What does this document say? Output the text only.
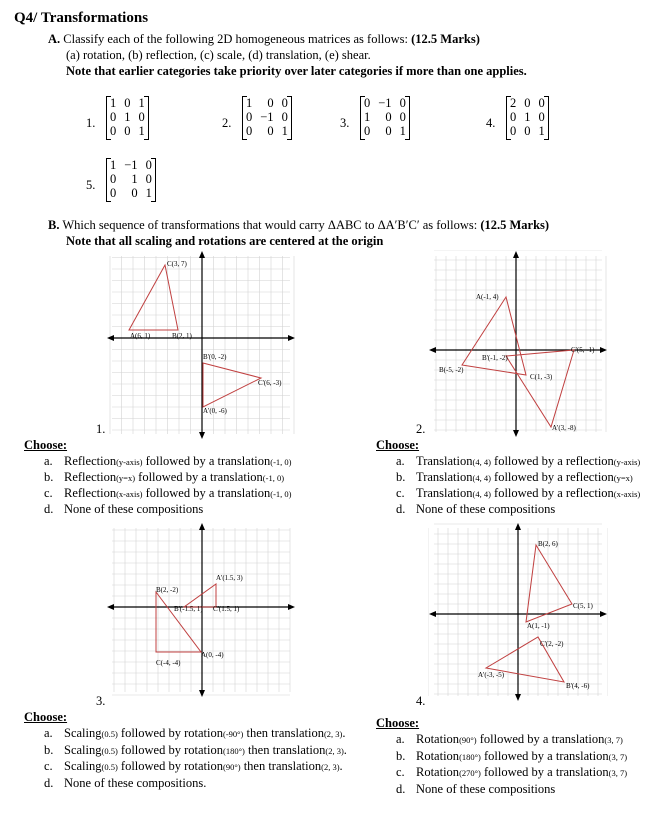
Q4/ Transformations
A. Classify each of the following 2D homogeneous matrices as follows: (12.5 Marks)
(a) rotation, (b) reflection, (c) scale, (d) translation, (e) shear.
Note that earlier categories take priority over later categories if more than one applies.
1.
1	0	1
0	1	0
0	0	1
2.
1	0	0
0	−1	0
0	0	1
3.
0	−1	0
1	0	0
0	0	1
4.
2	0	0
0	1	0
0	0	1
5.
1	−1	0
0	1	0
0	0	1
B. Which sequence of transformations that would carry ΔABC to ΔA′B′C′ as follows: (12.5 Marks)
Note that all scaling and rotations are centered at the origin
C(3, 7)
A(6, 1)	B(2, 1)
B'(0, -2)
C'(6, -3)
A'(0, -6)
1.
A(-1, 4)
B'(-1, -2)
B(-5, -2)
C'(5, -1)
C(1, -3)
A'(3, -8)
2.
A'(1.5, 3)
B(2, -2)
B'(-1.5, 1) C'(1.5, 1)
A(0, -4)
C(-4, -4)
3.
B(2, 6)
C(5, 1)
A(1, -1)
C'(2, -2)
A'(-3, -5)
B'(4, -6)
4.
Choose:
a. Reflection(y-axis) followed by a translation(-1, 0)
b. Reflection(y=x) followed by a translation(-1, 0)
c. Reflection(x-axis) followed by a translation(-1, 0)
d. None of these compositions
Choose:
a. Translation(4, 4) followed by a reflection(y-axis)
b. Translation(4, 4) followed by a reflection(y=x)
c. Translation(4, 4) followed by a reflection(x-axis)
d. None of these compositions
Choose:
a. Scaling(0.5) followed by rotation(-90°) then translation(2, 3).
b. Scaling(0.5) followed by rotation(180°) then translation(2, 3).
c. Scaling(0.5) followed by rotation(90°) then translation(2, 3).
d. None of these compositions.
Choose:
a. Rotation(90°) followed by a translation(3, 7)
b. Rotation(180°) followed by a translation(3, 7)
c. Rotation(270°) followed by a translation(3, 7)
d. None of these compositions
